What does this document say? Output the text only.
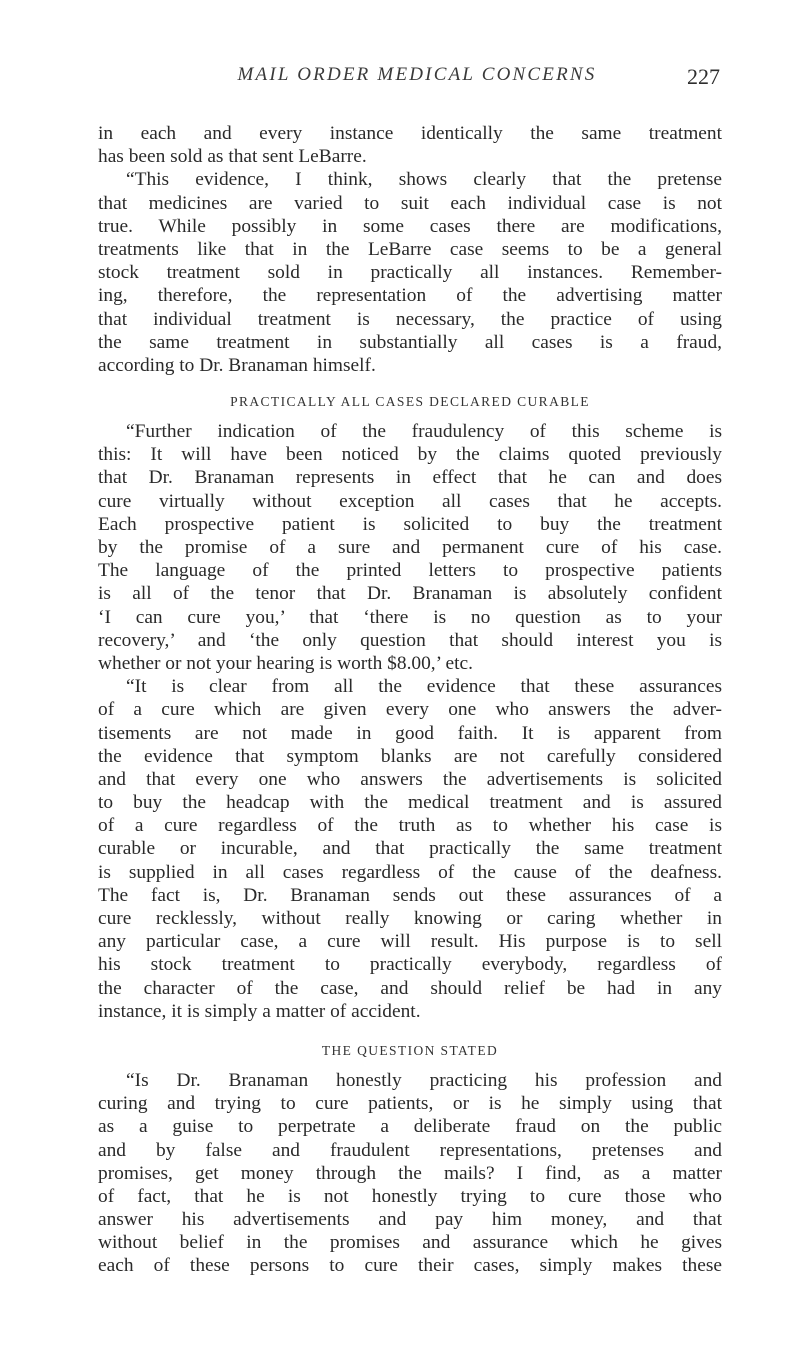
MAIL ORDER MEDICAL CONCERNS	227
in each and every instance identically the same treatment
has been sold as that sent LeBarre.
“This evidence, I think, shows clearly that the pretense
that medicines are varied to suit each individual case is not
true. While possibly in some cases there are modifications,
treatments like that in the LeBarre case seems to be a general
stock treatment sold in practically all instances. Remember-
ing, therefore, the representation of the advertising matter
that individual treatment is necessary, the practice of using
the same treatment in substantially all cases is a fraud,
according to Dr. Branaman himself.
PRACTICALLY ALL CASES DECLARED CURABLE
“Further indication of the fraudulency of this scheme is
this: It will have been noticed by the claims quoted previously
that Dr. Branaman represents in effect that he can and does
cure virtually without exception all cases that he accepts.
Each prospective patient is solicited to buy the treatment
by the promise of a sure and permanent cure of his case.
The language of the printed letters to prospective patients
is all of the tenor that Dr. Branaman is absolutely confident
‘I can cure you,’ that ‘there is no question as to your
recovery,’ and ‘the only question that should interest you is
whether or not your hearing is worth $8.00,’ etc.
“It is clear from all the evidence that these assurances
of a cure which are given every one who answers the adver-
tisements are not made in good faith. It is apparent from
the evidence that symptom blanks are not carefully considered
and that every one who answers the advertisements is solicited
to buy the headcap with the medical treatment and is assured
of a cure regardless of the truth as to whether his case is
curable or incurable, and that practically the same treatment
is supplied in all cases regardless of the cause of the deafness.
The fact is, Dr. Branaman sends out these assurances of a
cure recklessly, without really knowing or caring whether in
any particular case, a cure will result. His purpose is to sell
his stock treatment to practically everybody, regardless of
the character of the case, and should relief be had in any
instance, it is simply a matter of accident.
THE QUESTION STATED
“Is Dr. Branaman honestly practicing his profession and
curing and trying to cure patients, or is he simply using that
as a guise to perpetrate a deliberate fraud on the public
and by false and fraudulent representations, pretenses and
promises, get money through the mails? I find, as a matter
of fact, that he is not honestly trying to cure those who
answer his advertisements and pay him money, and that
without belief in the promises and assurance which he gives
each of these persons to cure their cases, simply makes these
